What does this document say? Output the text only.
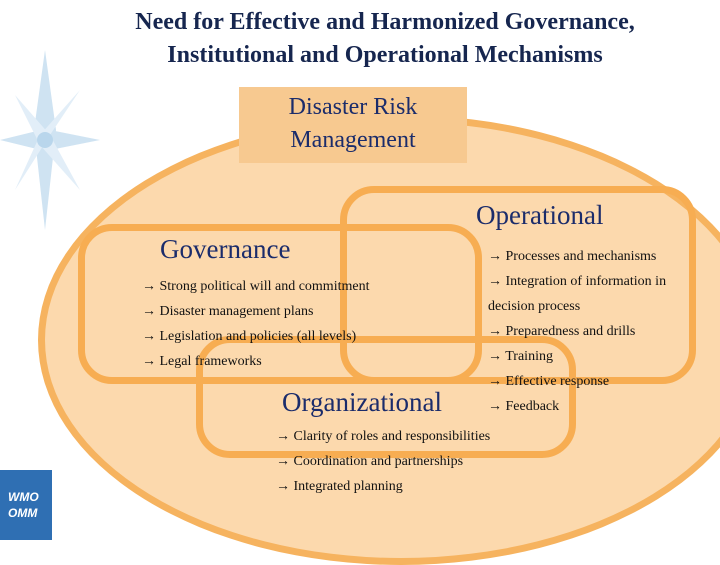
WMO
OMM
Need for Effective and Harmonized Governance,
Institutional and Operational Mechanisms
Disaster Risk
Management
Operational
Governance
Organizational
→ Strong political will and commitment
→ Disaster management plans
→ Legislation and policies (all levels)
→ Legal frameworks
→ Processes and mechanisms
→ Integration of information in
decision process
→ Preparedness and drills
→ Training
→ Effective response
→ Feedback
→ Clarity of roles and responsibilities
→ Coordination and partnerships
→ Integrated planning
